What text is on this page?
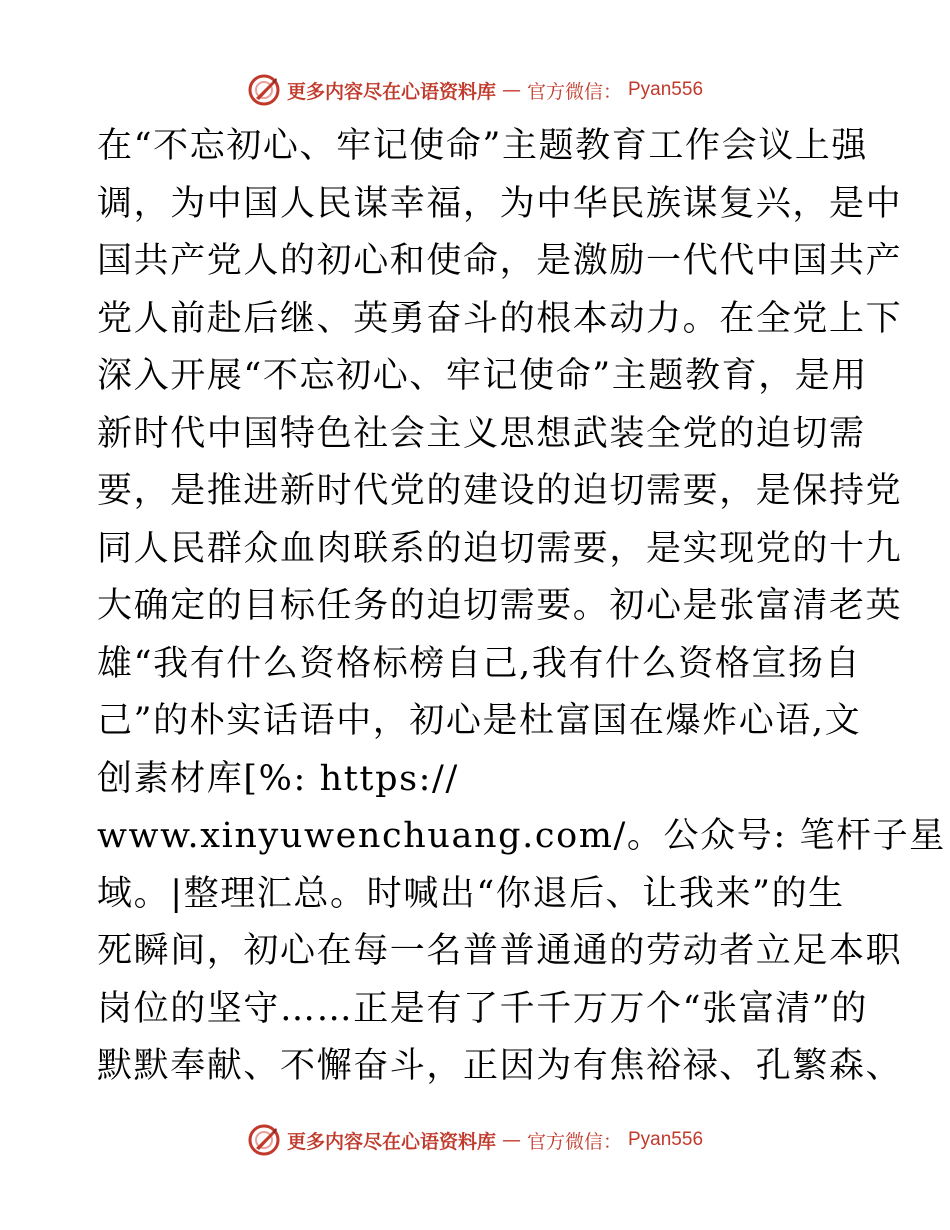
更多内容尽在心语资料库 — 官方微信： Pyan556
在“不忘初心、牢记使命”主题教育工作会议上强
调，为中国人民谋幸福，为中华民族谋复兴，是中
国共产党人的初心和使命，是激励一代代中国共产
党人前赴后继、英勇奋斗的根本动力。在全党上下
深入开展“不忘初心、牢记使命”主题教育，是用
新时代中国特色社会主义思想武装全党的迫切需
要，是推进新时代党的建设的迫切需要，是保持党
同人民群众血肉联系的迫切需要，是实现党的十九
大确定的目标任务的迫切需要。初心是张富清老英
雄“我有什么资格标榜自己,我有什么资格宣扬自
己”的朴实话语中，初心是杜富国在爆炸心语,文
创素材库[%: https://
www.xinyuwenchuang.com/。公众号: 笔杆子星
域。|整理汇总。时喊出“你退后、让我来”的生
死瞬间，初心在每一名普普通通的劳动者立足本职
岗位的坚守……正是有了千千万万个“张富清”的
默默奉献、不懈奋斗，正因为有焦裕禄、孔繁森、
更多内容尽在心语资料库 — 官方微信： Pyan556
